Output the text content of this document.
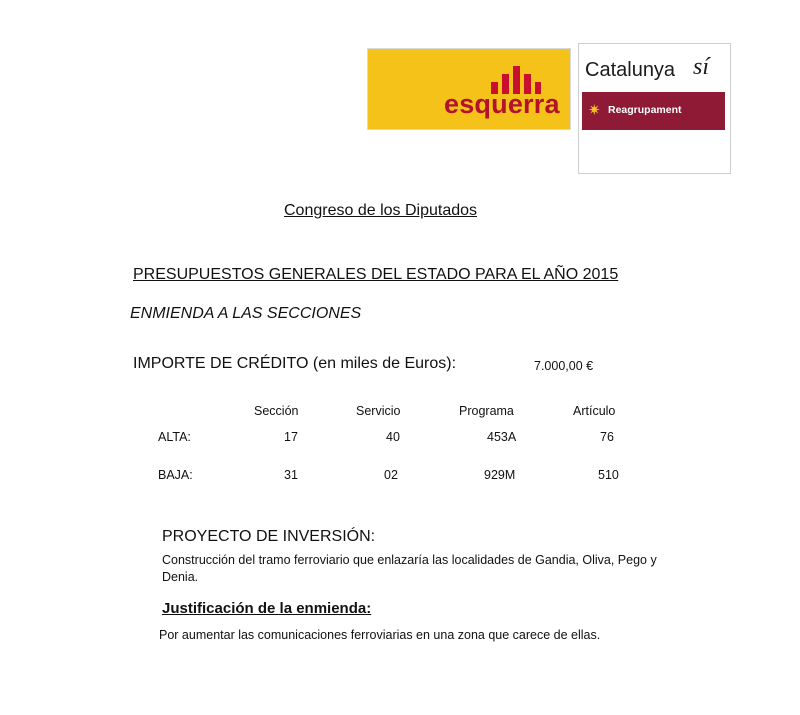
esquerra
Catalunya sí
✷ Reagrupament
Congreso de los Diputados
PRESUPUESTOS GENERALES DEL ESTADO PARA EL AÑO 2015
ENMIENDA A LAS SECCIONES
IMPORTE DE CRÉDITO (en miles de Euros):	7.000,00 €
Sección	Servicio	Programa	Artículo
ALTA:	17	40	453A	76
BAJA:	31	02	929M	510
PROYECTO DE INVERSIÓN:
Construcción del tramo ferroviario que enlazaría las localidades de Gandia, Oliva, Pego y Denia.
Justificación de la enmienda:
Por aumentar las comunicaciones ferroviarias en una zona que carece de ellas.
